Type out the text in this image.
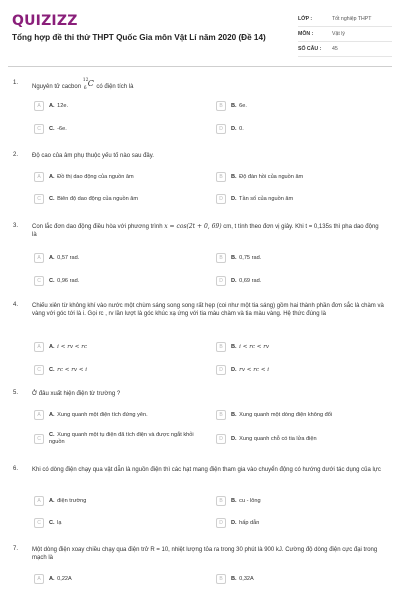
QUIZIZZ
Tổng hợp đề thi thử THPT Quốc Gia môn Vật Lí năm 2020 (Đề 14)
LỚP :	Tốt nghiệp THPT
MÔN :	Vật lý
SỐ CÂU :	45
1.
Nguyên tử cacbon
12
6
C có điện tích là
A	A. 12e.	B	B. 6e.
C	C. -6e.	D	D. 0.
2. Độ cao của âm phụ thuộc yếu tố nào sau đây.
A	A. Đồ thị dao động của nguồn âm	B	B. Độ đàn hồi của nguồn âm
C	C. Biên độ dao động của nguồn âm	D	D. Tần số của nguồn âm
3. Con lắc đơn dao động điều hòa với phương trình x = cos(2t + 0, 69) cm, t tính theo đơn vị giây. Khi t = 0,135s thì pha dao động là
A	A. 0,57 rad.	B	B. 0,75 rad.
C	C. 0,96 rad.	D	D. 0,69 rad.
4. Chiếu xiên từ không khí vào nước một chùm sáng song song rất hẹp (coi như một tia sáng) gồm hai thành phần đơn sắc là chàm và vàng với góc tới là i. Gọi rc , rv lần lượt là góc khúc xạ ứng với tia màu chàm và tia màu vàng. Hệ thức đúng là
A	A. i < rv < rc	B	B. i < rc < rv
C	C. rc < rv < i	D	D. rv < rc < i
5. Ở đâu xuất hiện điện từ trường ?
A	A. Xung quanh một điện tích đứng yên.	B	B. Xung quanh một dòng điện không đổi
C
C. Xung quanh một tụ điện đã tích điện và được ngắt khỏi nguồn	D	D. Xung quanh chỗ có tia lửa điện
6. Khi có dòng điện chạy qua vật dẫn là nguồn điện thì các hạt mang điện tham gia vào chuyển động có hướng dưới tác dụng của lực
A	A. điện trường	B	B. cu - lông
C	C. lạ	D	D. hấp dẫn
7. Một dòng điện xoay chiều chạy qua điện trở R = 10, nhiệt lượng tỏa ra trong 30 phút là 900 kJ. Cường độ dòng điện cực đại trong mạch là
A	A. 0,22A	B	B. 0,32A
